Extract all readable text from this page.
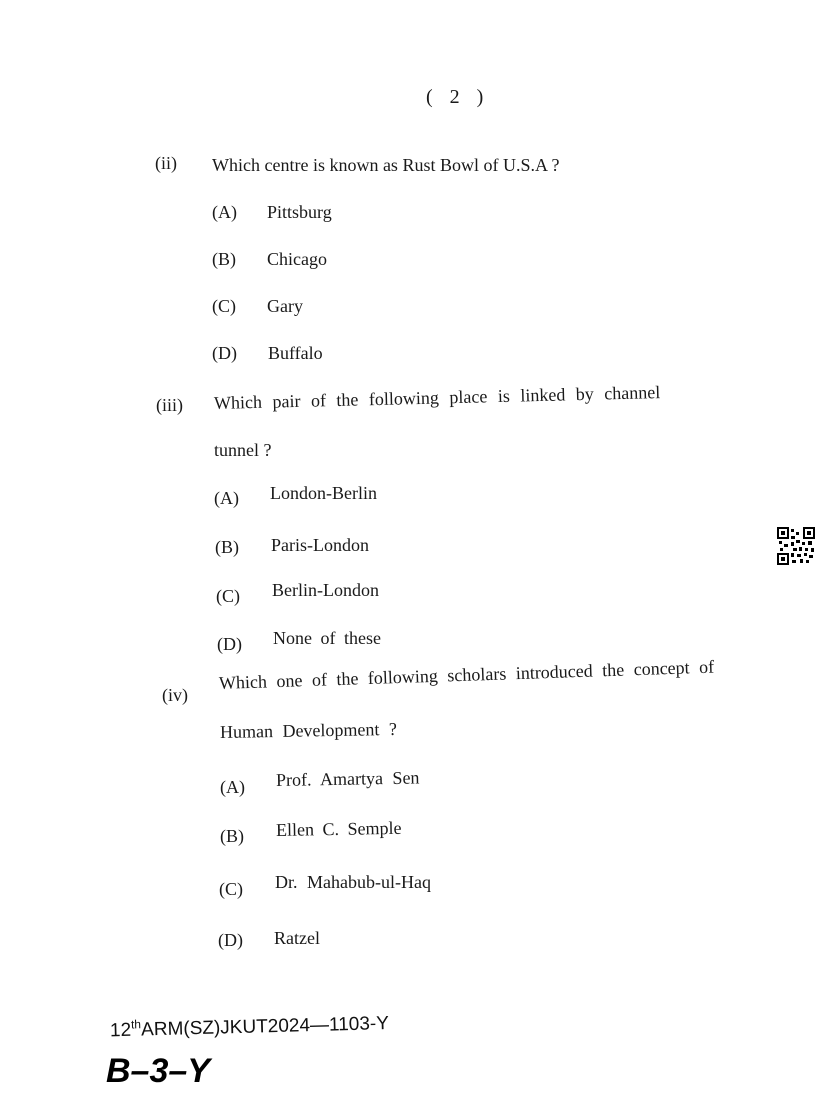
( 2 )
(ii) Which centre is known as Rust Bowl of U.S.A ?
(A) Pittsburg
(B) Chicago
(C) Gary
(D) Buffalo
(iii) Which pair of the following place is linked by channel
tunnel ?
(A) London-Berlin
(B) Paris-London
(C) Berlin-London
(D) None of these
(iv)
Which one of the following scholars introduced the concept of
Human Development ?
(A) Prof. Amartya Sen
(B) Ellen C. Semple
(C) Dr. Mahabub-ul-Haq
(D) Ratzel
12thARM(SZ)JKUT2024—1103-Y
B–3–Y
